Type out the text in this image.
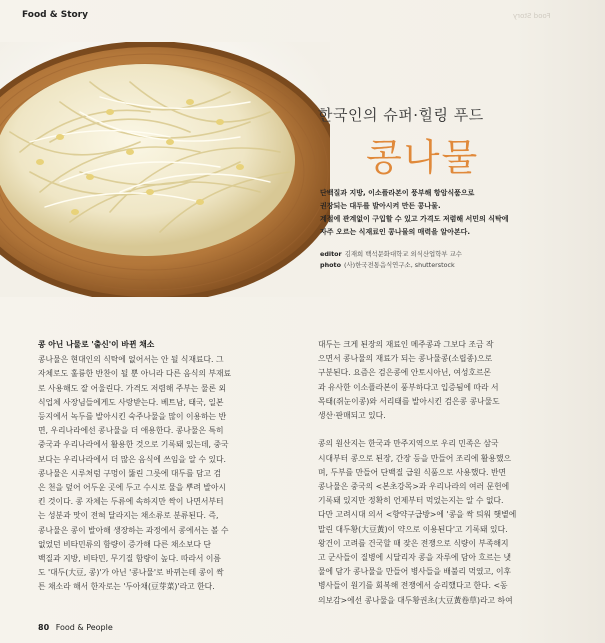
Food & Story	Food Story
한국인의 슈퍼·힐링 푸드
콩나물
단백질과 지방, 이소플라본이 풍부해 항암식품으로
권장되는 대두를 발아시켜 만든 콩나물.
계절에 관계없이 구입할 수 있고 가격도 저렴해 서민의 식탁에
자주 오르는 식재료인 콩나물의 매력을 알아본다.
editor 김재희 백석문화대학교 외식산업학부 교수
photo (사)한국전통음식연구소, shutterstock
콩 아닌 나물로 '출신'이 바뀐 채소
콩나물은 현대인의 식탁에 없어서는 안 될 식재료다. 그
자체로도 훌륭한 반찬이 될 뿐 아니라 다른 음식의 부재료
로 사용해도 잘 어울린다. 가격도 저렴해 주부는 물론 외
식업체 사장님들에게도 사랑받는다. 베트남, 태국, 일본
등지에서 녹두를 발아시킨 숙주나물을 많이 이용하는 반
면, 우리나라에선 콩나물을 더 애용한다. 콩나물은 특히
중국과 우리나라에서 활용한 것으로 기록돼 있는데, 중국
보다는 우리나라에서 더 많은 음식에 쓰임을 알 수 있다.
콩나물은 시루처럼 구멍이 뚫린 그릇에 대두를 담고 검
은 천을 덮어 어두운 곳에 두고 수시로 물을 뿌려 발아시
킨 것이다. 콩 자체는 두류에 속하지만 싹이 나면서부터
는 성분과 맛이 전혀 달라지는 채소류로 분류된다. 즉,
콩나물은 콩이 발아해 생장하는 과정에서 콩에서는 볼 수
없었던 비타민류의 함량이 증가해 다른 채소보다 단
백질과 지방, 비타민, 무기질 함량이 높다. 따라서 이름
도 '대두(大豆, 콩)'가 아닌 '콩나물'로 바뀌는데 콩이 싹
튼 채소라 해서 한자로는 '두아채(豆芽菜)'라고 한다.
대두는 크게 된장의 재료인 메주콩과 그보다 조금 작
으면서 콩나물의 재료가 되는 콩나물콩(소립종)으로
구분된다. 요즘은 검은콩에 안토시아닌, 여성호르몬
과 유사한 이소플라본이 풍부하다고 입증됨에 따라 서
목태(쥐눈이콩)와 서리태를 발아시킨 검은콩 콩나물도
생산·판매되고 있다.
콩의 원산지는 한국과 만주지역으로 우리 민족은 삼국
시대부터 콩으로 된장, 간장 등을 만들어 조리에 활용했으
며, 두부를 만들어 단백질 급원 식품으로 사용했다. 반면
콩나물은 중국의 <본초강목>과 우리나라의 여러 문헌에
기록돼 있지만 정확히 언제부터 먹었는지는 알 수 없다.
다만 고려시대 의서 <향약구급방>에 '콩을 싹 틔워 햇볕에
말린 대두황(大豆黃)이 약으로 이용된다'고 기록돼 있다.
왕건이 고려를 건국할 때 잦은 전쟁으로 식량이 부족해지
고 군사들이 질병에 시달리자 콩을 자루에 담아 흐르는 냇
물에 담가 콩나물을 만들어 병사들을 배불리 먹였고, 이후
병사들이 원기를 회복해 전쟁에서 승리했다고 한다. <동
의보감>에선 콩나물을 대두황권초(大豆黃卷草)라고 하여
80 Food & People
